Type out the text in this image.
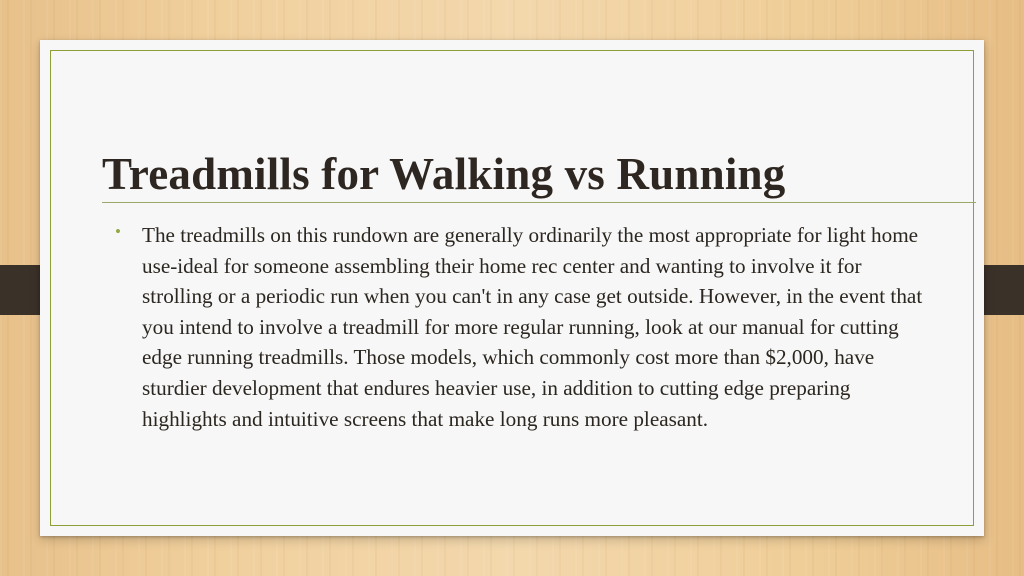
Treadmills for Walking vs Running
• The treadmills on this rundown are generally ordinarily the most appropriate for light home use-ideal for someone assembling their home rec center and wanting to involve it for strolling or a periodic run when you can't in any case get outside. However, in the event that you intend to involve a treadmill for more regular running, look at our manual for cutting edge running treadmills. Those models, which commonly cost more than $2,000, have sturdier development that endures heavier use, in addition to cutting edge preparing highlights and intuitive screens that make long runs more pleasant.
